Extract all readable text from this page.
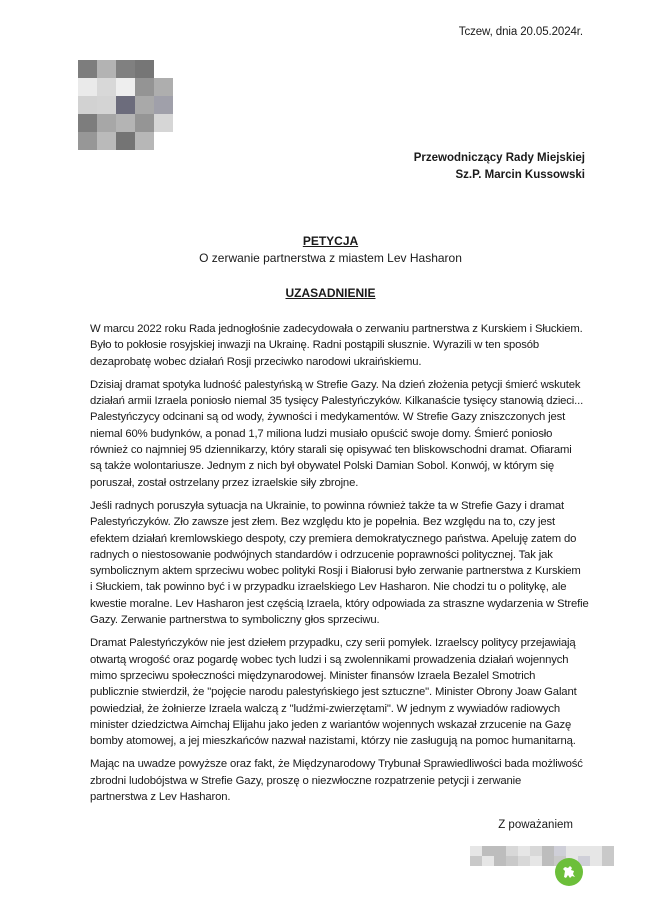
Tczew, dnia 20.05.2024r.
Przewodniczący Rady Miejskiej
Sz.P. Marcin Kussowski
PETYCJA
O zerwanie partnerstwa z miastem Lev Hasharon
UZASADNIENIE

W marcu 2022 roku Rada jednogłośnie zadecydowała o zerwaniu partnerstwa z Kurskiem i Słuckiem.
Było to pokłosie rosyjskiej inwazji na Ukrainę. Radni postąpili słusznie. Wyrazili w ten sposób
dezaprobatę wobec działań Rosji przeciwko narodowi ukraińskiemu.

Dzisiaj dramat spotyka ludność palestyńską w Strefie Gazy. Na dzień złożenia petycji śmierć wskutek
działań armii Izraela poniosło niemal 35 tysięcy Palestyńczyków. Kilkanaście tysięcy stanowią dzieci...
Palestyńczycy odcinani są od wody, żywności i medykamentów. W Strefie Gazy zniszczonych jest
niemal 60% budynków, a ponad 1,7 miliona ludzi musiało opuścić swoje domy. Śmierć poniosło
również co najmniej 95 dziennikarzy, który starali się opisywać ten bliskowschodni dramat. Ofiarami
są także wolontariusze. Jednym z nich był obywatel Polski Damian Sobol. Konwój, w którym się
poruszał, został ostrzelany przez izraelskie siły zbrojne.

Jeśli radnych poruszyła sytuacja na Ukrainie, to powinna również także ta w Strefie Gazy i dramat
Palestyńczyków. Zło zawsze jest złem. Bez względu kto je popełnia. Bez względu na to, czy jest
efektem działań kremlowskiego despoty, czy premiera demokratycznego państwa. Apeluję zatem do
radnych o niestosowanie podwójnych standardów i odrzucenie poprawności politycznej. Tak jak
symbolicznym aktem sprzeciwu wobec polityki Rosji i Białorusi było zerwanie partnerstwa z Kurskiem
i Słuckiem, tak powinno być i w przypadku izraelskiego Lev Hasharon. Nie chodzi tu o politykę, ale
kwestie moralne. Lev Hasharon jest częścią Izraela, który odpowiada za straszne wydarzenia w Strefie
Gazy. Zerwanie partnerstwa to symboliczny głos sprzeciwu.

Dramat Palestyńczyków nie jest dziełem przypadku, czy serii pomyłek. Izraelscy politycy przejawiają
otwartą wrogość oraz pogardę wobec tych ludzi i są zwolennikami prowadzenia działań wojennych
mimo sprzeciwu społeczności międzynarodowej. Minister finansów Izraela Bezalel Smotrich
publicznie stwierdził, że "pojęcie narodu palestyńskiego jest sztuczne". Minister Obrony Joaw Galant
powiedział, że żołnierze Izraela walczą z "ludźmi-zwierzętami". W jednym z wywiadów radiowych
minister dziedzictwa Aimchaj Elijahu jako jeden z wariantów wojennych wskazał zrzucenie na Gazę
bomby atomowej, a jej mieszkańców nazwał nazistami, którzy nie zasługują na pomoc humanitarną.

Mając na uwadze powyższe oraz fakt, że Międzynarodowy Trybunał Sprawiedliwości bada możliwość
zbrodni ludobójstwa w Strefie Gazy, proszę o niezwłoczne rozpatrzenie petycji i zerwanie
partnerstwa z Lev Hasharon.

Z poważaniem
